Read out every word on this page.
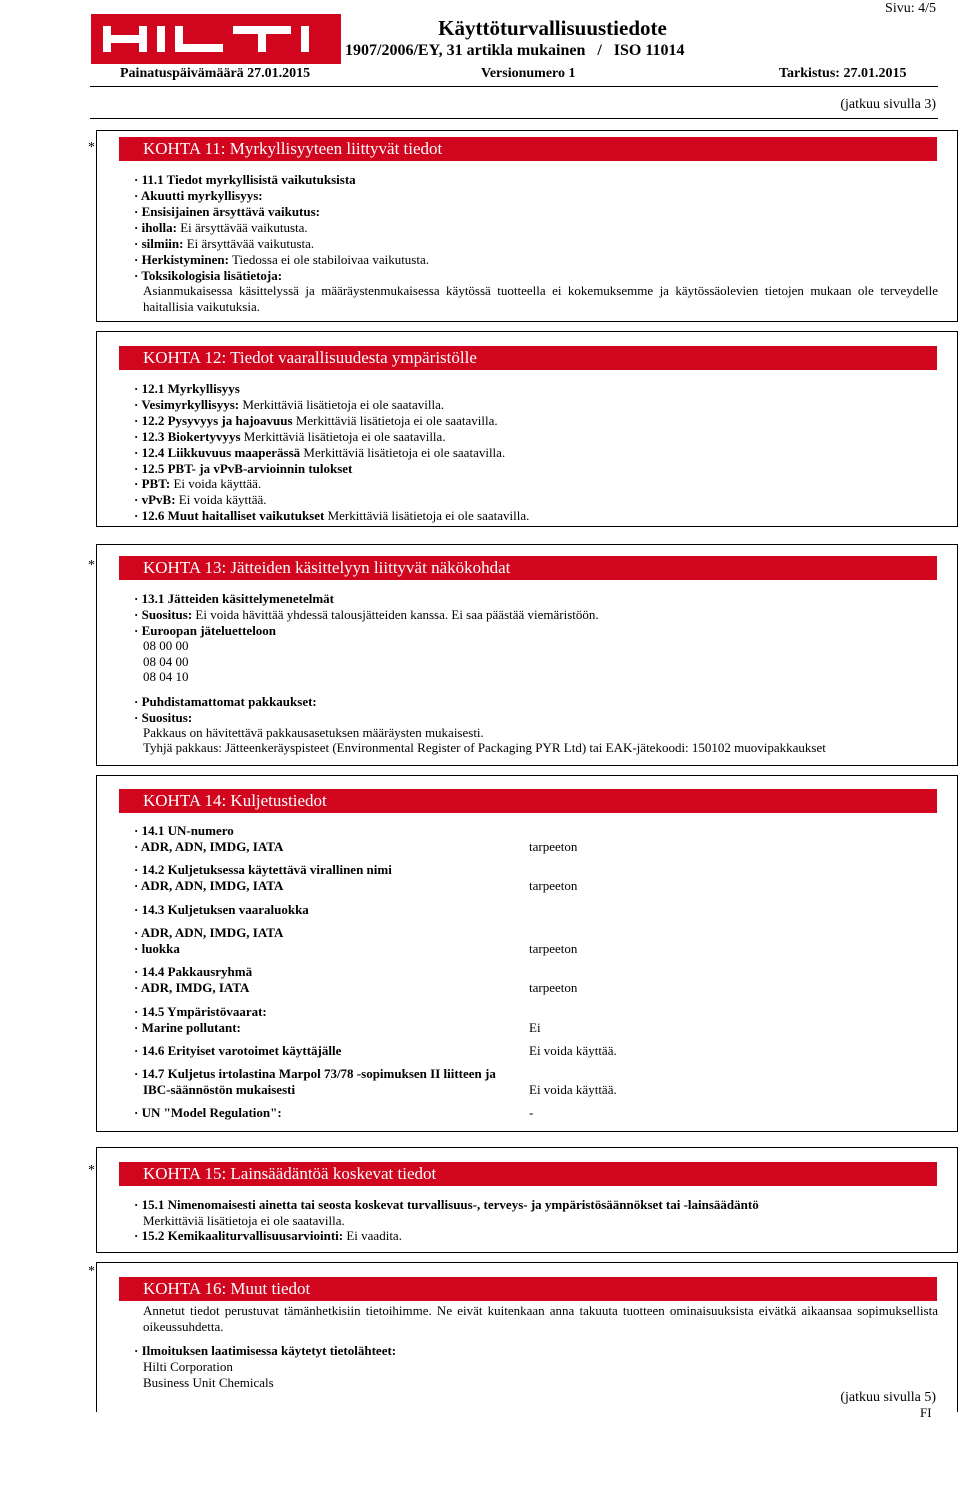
Käyttöturvallisuustiedote
1907/2006/EY, 31 artikla mukainen   /   ISO 11014
Sivu: 4/5
Painatuspäivämäärä 27.01.2015	Versionumero 1	Tarkistus: 27.01.2015
(jatkuu sivulla 3)
*	KOHTA 11: Myrkyllisyyteen liittyvät tiedot
· 11.1 Tiedot myrkyllisistä vaikutuksista
· Akuutti myrkyllisyys:
· Ensisijainen ärsyttävä vaikutus:
· iholla: Ei ärsyttävää vaikutusta.
· silmiin: Ei ärsyttävää vaikutusta.
· Herkistyminen: Tiedossa ei ole stabiloivaa vaikutusta.
· Toksikologisia lisätietoja:
Asianmukaisessa käsittelyssä ja määräystenmukaisessa käytössä tuotteella ei kokemuksemme ja käytössäolevien tietojen mukaan ole terveydelle haitallisia vaikutuksia.
KOHTA 12: Tiedot vaarallisuudesta ympäristölle
· 12.1 Myrkyllisyys
· Vesimyrkyllisyys: Merkittäviä lisätietoja ei ole saatavilla.
· 12.2 Pysyvyys ja hajoavuus Merkittäviä lisätietoja ei ole saatavilla.
· 12.3 Biokertyvyys Merkittäviä lisätietoja ei ole saatavilla.
· 12.4 Liikkuvuus maaperässä Merkittäviä lisätietoja ei ole saatavilla.
· 12.5 PBT- ja vPvB-arvioinnin tulokset
· PBT: Ei voida käyttää.
· vPvB: Ei voida käyttää.
· 12.6 Muut haitalliset vaikutukset Merkittäviä lisätietoja ei ole saatavilla.
*	KOHTA 13: Jätteiden käsittelyyn liittyvät näkökohdat
· 13.1 Jätteiden käsittelymenetelmät
· Suositus: Ei voida hävittää yhdessä talousjätteiden kanssa. Ei saa päästää viemäristöön.
· Euroopan jäteluetteloon
08 00 00
08 04 00
08 04 10
· Puhdistamattomat pakkaukset:
· Suositus:
Pakkaus on hävitettävä pakkausasetuksen määräysten mukaisesti.
Tyhjä pakkaus: Jätteenkeräyspisteet (Environmental Register of Packaging PYR Ltd) tai EAK-jätekoodi: 150102 muovipakkaukset
KOHTA 14: Kuljetustiedot
· 14.1 UN-numero
· ADR, ADN, IMDG, IATA	tarpeeton
· 14.2 Kuljetuksessa käytettävä virallinen nimi
· ADR, ADN, IMDG, IATA	tarpeeton
· 14.3 Kuljetuksen vaaraluokka
· ADR, ADN, IMDG, IATA
· luokka	tarpeeton
· 14.4 Pakkausryhmä
· ADR, IMDG, IATA	tarpeeton
· 14.5 Ympäristövaarat:
· Marine pollutant:	Ei
· 14.6 Erityiset varotoimet käyttäjälle	Ei voida käyttää.
· 14.7 Kuljetus irtolastina Marpol 73/78 -sopimuksen II liitteen ja
IBC-säännöstön mukaisesti	Ei voida käyttää.
· UN "Model Regulation":	-
*	KOHTA 15: Lainsäädäntöä koskevat tiedot
· 15.1 Nimenomaisesti ainetta tai seosta koskevat turvallisuus-, terveys- ja ympäristösäännökset tai -lainsäädäntö
Merkittäviä lisätietoja ei ole saatavilla.
· 15.2 Kemikaaliturvallisuusarviointi: Ei vaadita.
*
KOHTA 16: Muut tiedot
Annetut tiedot perustuvat tämänhetkisiin tietoihimme. Ne eivät kuitenkaan anna takuuta tuotteen ominaisuuksista eivätkä aikaansaa sopimuksellista oikeussuhdetta.
· Ilmoituksen laatimisessa käytetyt tietolähteet:
Hilti Corporation
Business Unit Chemicals
(jatkuu sivulla 5)
FI
